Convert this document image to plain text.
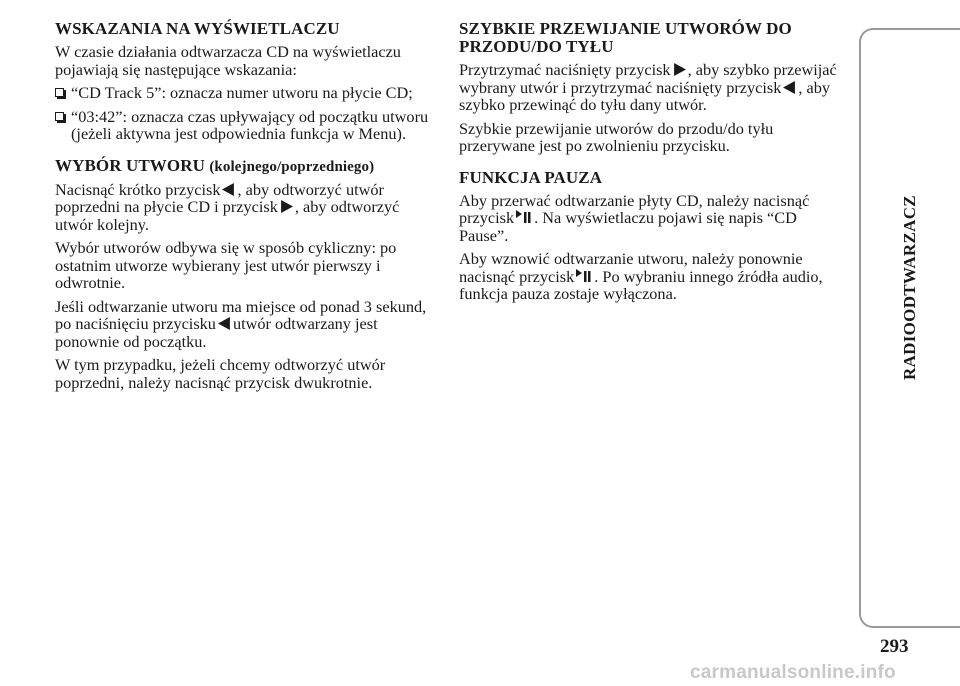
WSKAZANIA NA WYŚWIETLACZU

W czasie działania odtwarzacza CD na wyświetlaczu pojawiają się następujące wskazania:

“CD Track 5”: oznacza numer utworu na płycie CD;

“03:42”: oznacza czas upływający od początku utworu (jeżeli aktywna jest odpowiednia funkcja w Menu).

WYBÓR UTWORU (kolejnego/poprzedniego)

Nacisnąć krótko przycisk , aby odtworzyć utwór poprzedni na płycie CD i przycisk , aby odtworzyć utwór kolejny.

Wybór utworów odbywa się w sposób cykliczny: po ostatnim utworze wybierany jest utwór pierwszy i odwrotnie.

Jeśli odtwarzanie utworu ma miejsce od ponad 3 sekund, po naciśnięciu przycisku utwór odtwarzany jest ponownie od początku.

W tym przypadku, jeżeli chcemy odtworzyć utwór poprzedni, należy nacisnąć przycisk dwukrotnie.

SZYBKIE PRZEWIJANIE UTWORÓW DO PRZODU/DO TYŁU

Przytrzymać naciśnięty przycisk , aby szybko przewijać wybrany utwór i przytrzymać naciśnięty przycisk , aby szybko przewinąć do tyłu dany utwór.

Szybkie przewijanie utworów do przodu/do tyłu przerywane jest po zwolnieniu przycisku.

FUNKCJA PAUZA

Aby przerwać odtwarzanie płyty CD, należy nacisnąć przycisk . Na wyświetlaczu pojawi się napis “CD Pause”.

Aby wznowić odtwarzanie utworu, należy ponownie nacisnąć przycisk . Po wybraniu innego źródła audio, funkcja pauza zostaje wyłączona.	RADIOODTWARZACZ
293
carmanualsonline.info
